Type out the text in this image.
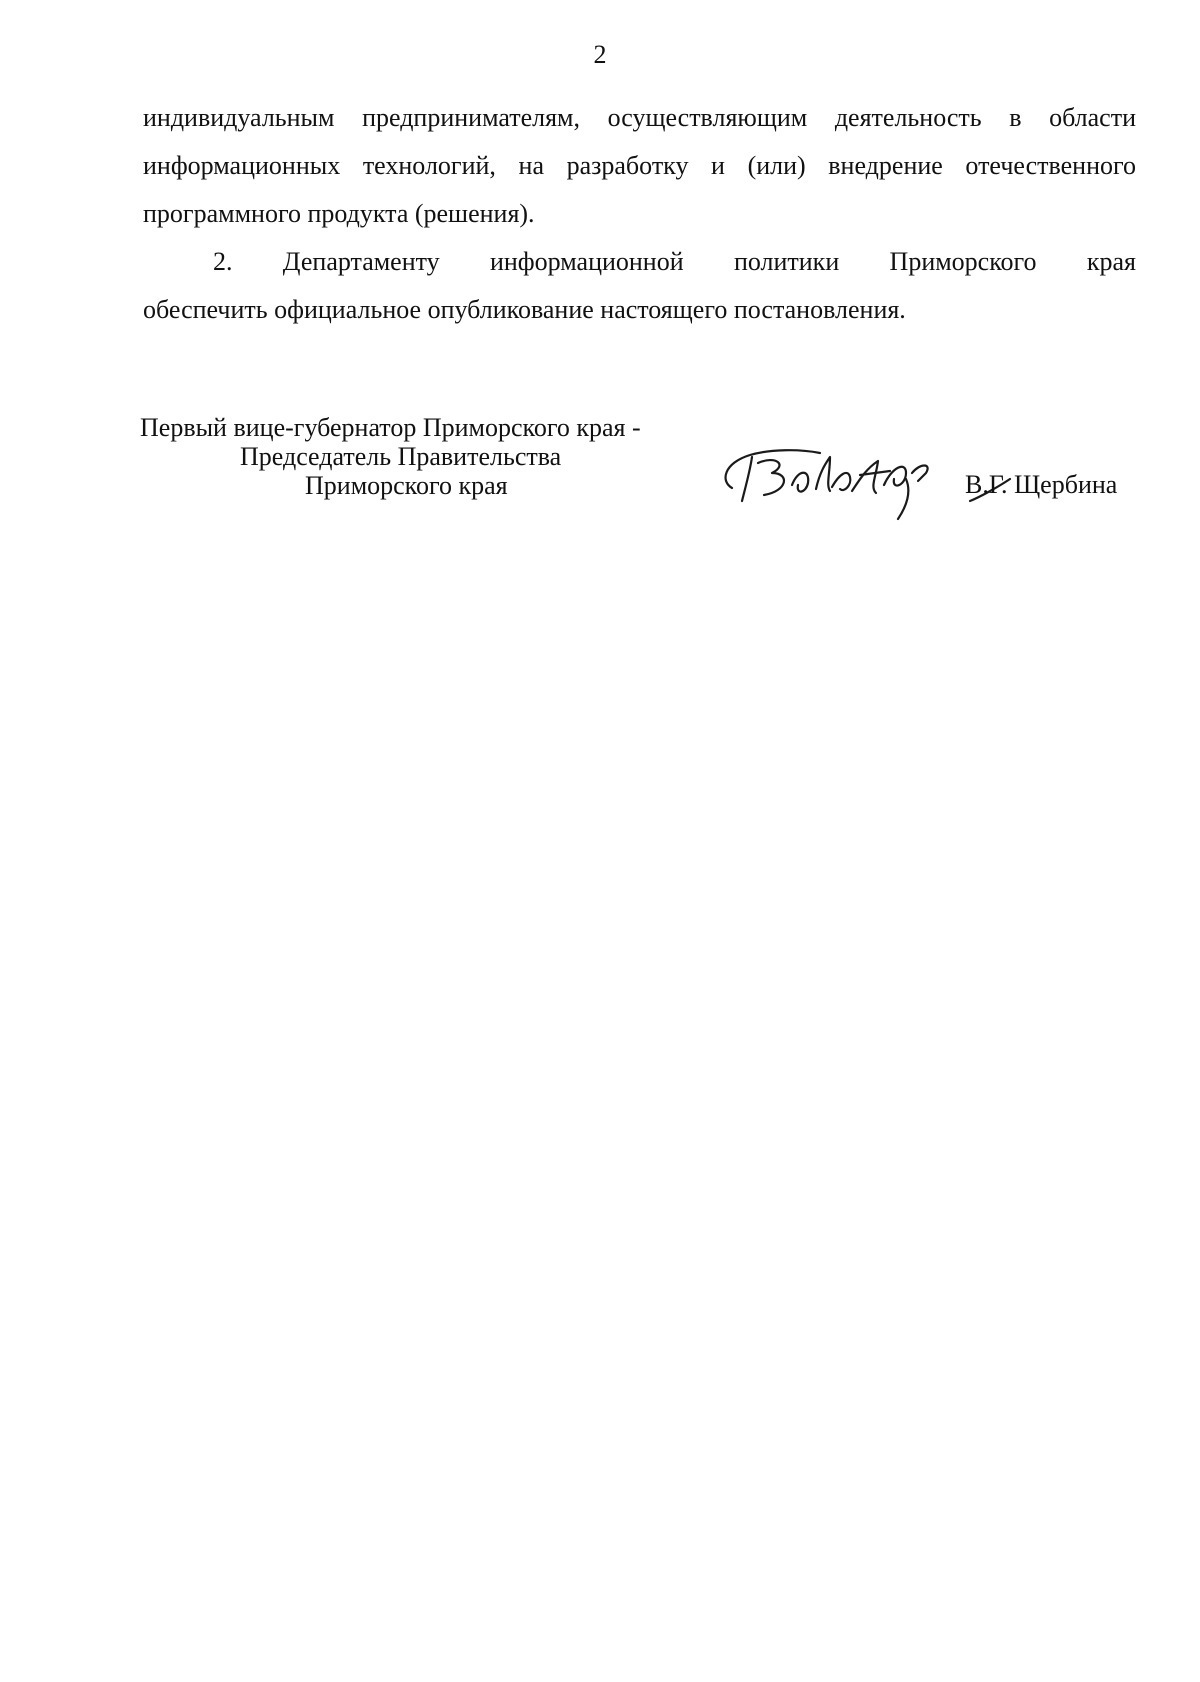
2

индивидуальным предпринимателям, осуществляющим деятельность в области
информационных технологий, на разработку и (или) внедрение отечественного
программного продукта (решения).

2. Департаменту информационной политики Приморского края
обеспечить официальное опубликование настоящего постановления.

Первый вице-губернатор Приморского края -
Председатель Правительства
Приморского края	В.Г. Щербина
